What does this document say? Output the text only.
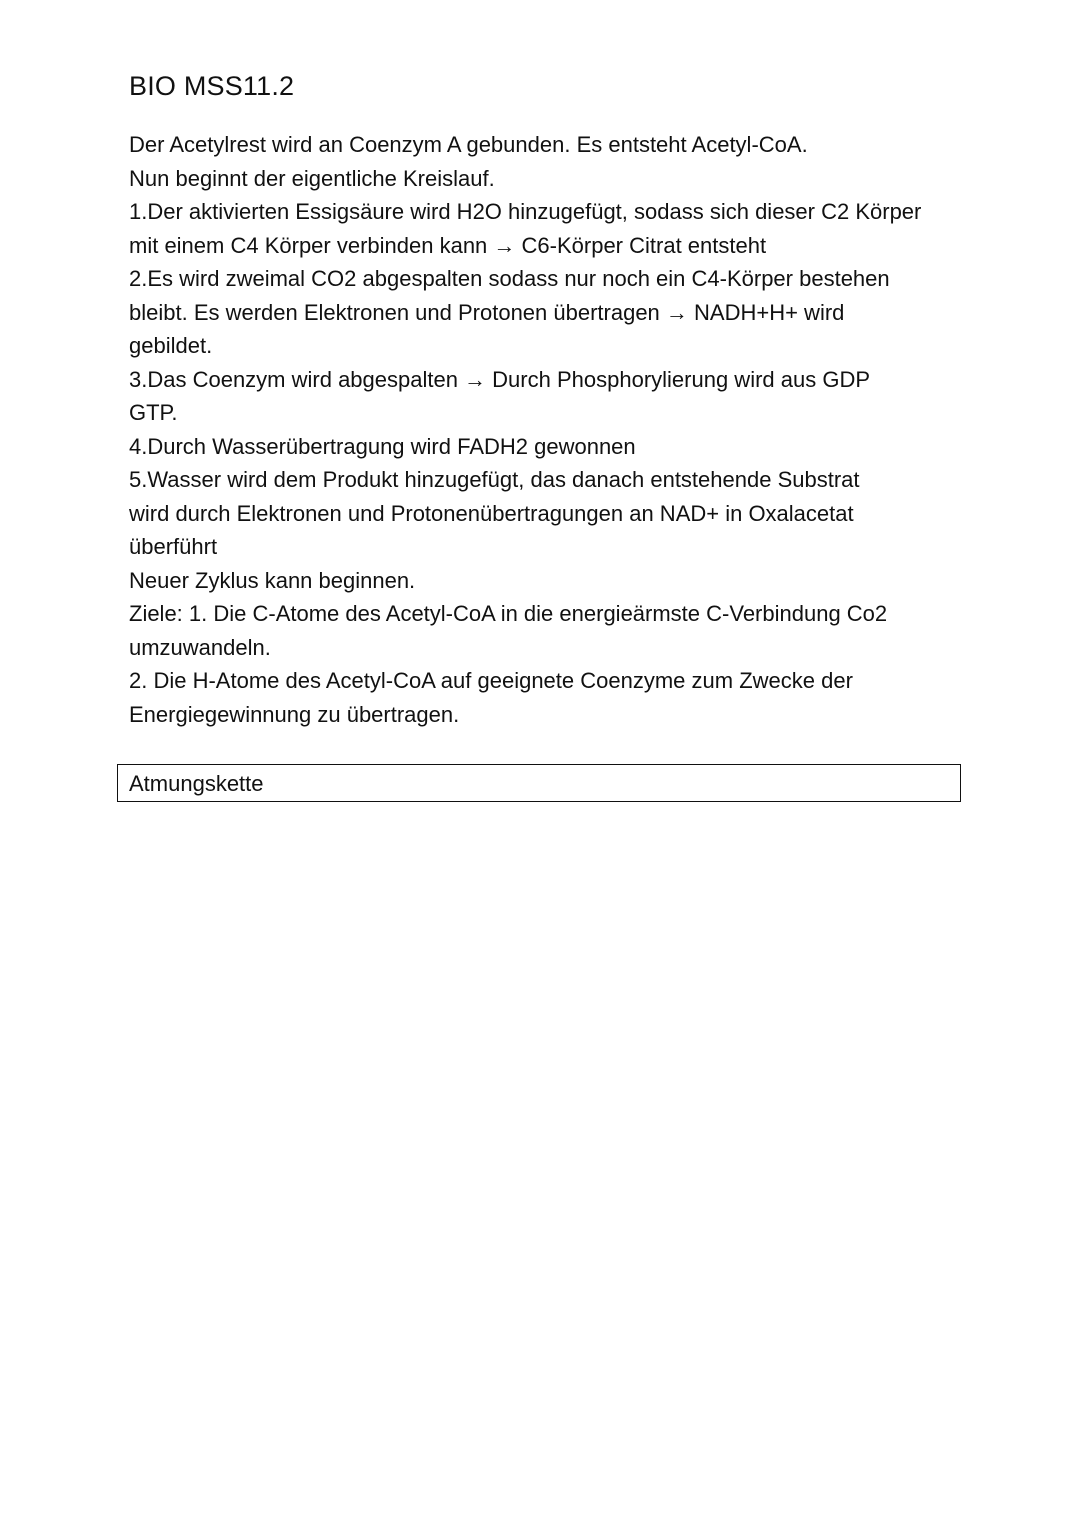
BIO MSS11.2

Der Acetylrest wird an Coenzym A gebunden. Es entsteht Acetyl-CoA.

Nun beginnt der eigentliche Kreislauf.

1.Der aktivierten Essigsäure wird H2O hinzugefügt, sodass sich dieser C2 Körper

mit einem C4 Körper verbinden kann → C6-Körper Citrat entsteht

2.Es wird zweimal CO2 abgespalten sodass nur noch ein C4-Körper bestehen

bleibt. Es werden Elektronen und Protonen übertragen → NADH+H+ wird

gebildet.

3.Das Coenzym wird abgespalten → Durch Phosphorylierung wird aus GDP

GTP.

4.Durch Wasserübertragung wird FADH2 gewonnen

5.Wasser wird dem Produkt hinzugefügt, das danach entstehende Substrat

wird durch Elektronen und Protonenübertragungen an NAD+ in Oxalacetat

überführt

Neuer Zyklus kann beginnen.

Ziele: 1. Die C-Atome des Acetyl-CoA in die energieärmste C-Verbindung Co2

umzuwandeln.

2. Die H-Atome des Acetyl-CoA auf geeignete Coenzyme zum Zwecke der

Energiegewinnung zu übertragen.

Atmungskette
